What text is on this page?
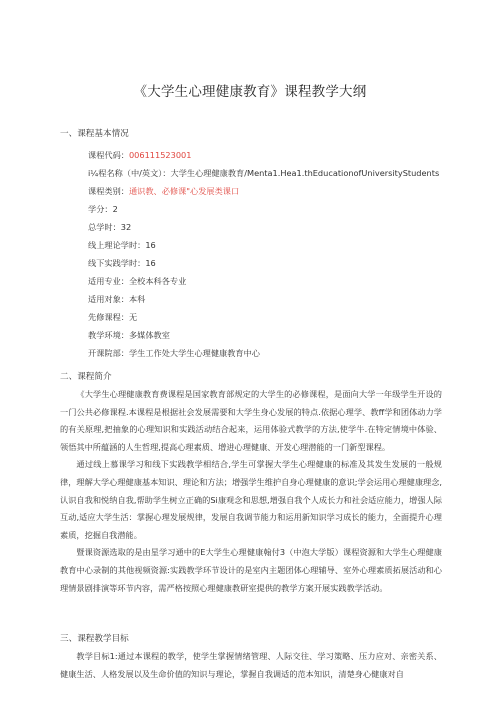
《大学生心理健康教育》课程教学大纲
一、课程基本情况
课程代码：006111523001
i¼程名称（中/英文）：大学生心理健康教育/Menta1.Hea1.thEducationofUniversityStudents
课程类别：通识教、必修课"心发展类课口
学分：2
总学时：32
线上理论学时：16
线下实践学时：16
适用专业：全校本科各专业
适用对象：本科
先修课程：无
教学环境：多媒体教室
开课院部：学生工作处大学生心理健康教育中心
二、课程简介

《大学生心理健康教育费课程是国家教育部规定的大学生的必修课程，是面向大学一年级学生开设的一门公共必修课程.本课程是根据社会发展需要和大学生身心发展的特点.依据心理学、教ff学和团体动力学的有关原理,把抽象的心理知识和实践活动结合起来，运用体验式教学的方法,使学牛.在特定情境中体验、领悟其中所蕴涵的人生哲理,提高心理素质、增进心理健康、开发心理潜能的一门新型课程。

通过线上慕课学习和线下实践教学相结合,学生可掌握大学生心理健康的标准及其发生发展的一般规律，理解大学心理健康基本知识、理论和方法；增强学生维护自身心理健康的意识;学会运用心理健康理念,认识自我和悦纳自我,帮助学生树立正确的Si康观念和思想,增强自我个人成长力和社会适应能力，增强人际互动,适应大学生活：掌握心理发展规律，发展自我调节能力和运用新知识学习成长的能力，全面提升心理素质，挖掘自我潜能。

暨课资源选取的是由星学习通中的E大学生心理健康翰付3（中泡大学版）课程资源和大学生心理健康教育中心录制的其他视频资源:实践教学环节设计的是室内主题团体心理辅导、室外心理素质拓展活动和心理情景剧排演等环节内容，需严格按照心理健康教研室提供的教学方案开展实践教学活动。

三、课程教学目标

教学目标1:通过本课程的教学，使学生掌握情绪管理、人际交往、学习策略、压力应对、亲密关系、健康生活、人格发展以及生命价值的知识与理论，掌握自我调适的范本知识，清楚身心健康对自
